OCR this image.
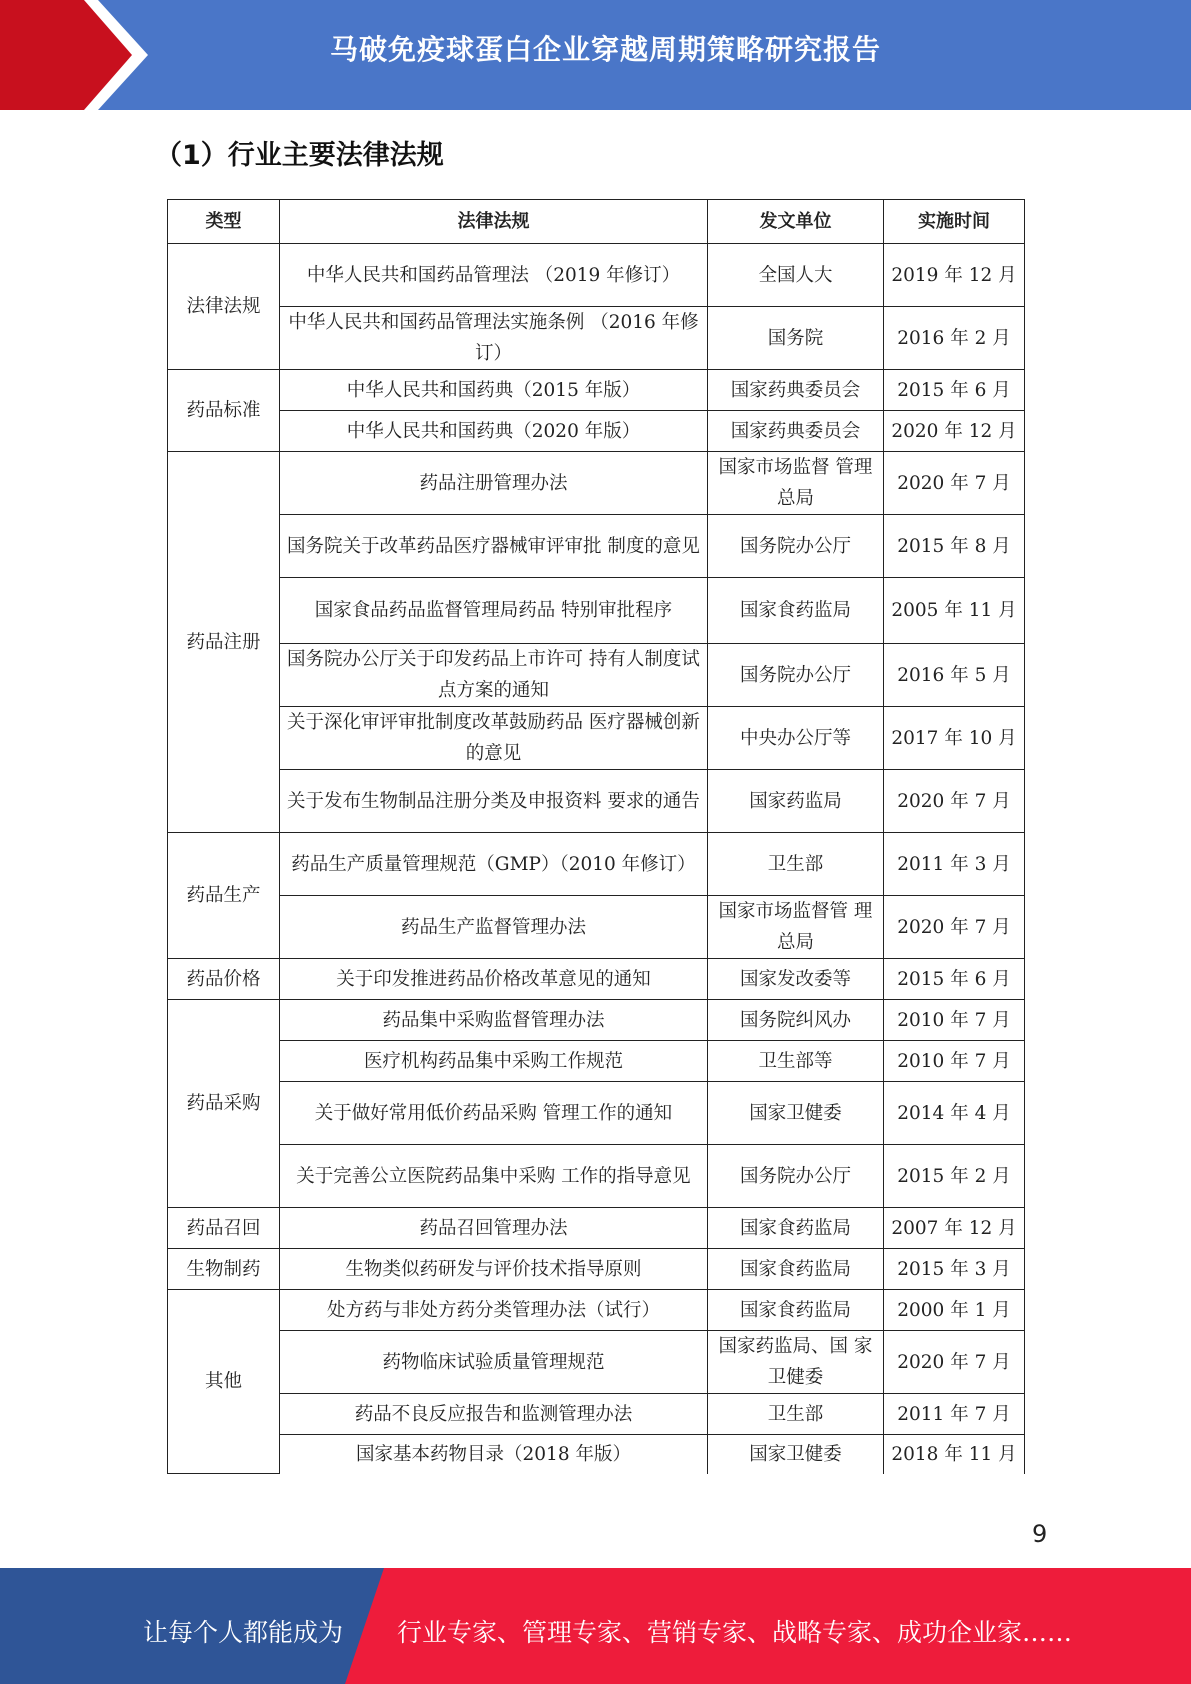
马破免疫球蛋白企业穿越周期策略研究报告
（1）行业主要法律法规
类型	法律法规	发文单位	实施时间
法律法规	中华人民共和国药品管理法 （2019 年修订）	全国人大	2019 年 12 月
	中华人民共和国药品管理法实施条例 （2016 年修订）	国务院	2016 年 2 月
药品标准	中华人民共和国药典（2015 年版）	国家药典委员会	2015 年 6 月
	中华人民共和国药典（2020 年版）	国家药典委员会	2020 年 12 月
药品注册	药品注册管理办法	国家市场监督 管理总局	2020 年 7 月
	国务院关于改革药品医疗器械审评审批 制度的意见	国务院办公厅	2015 年 8 月
	国家食品药品监督管理局药品 特别审批程序	国家食药监局	2005 年 11 月
	国务院办公厅关于印发药品上市许可 持有人制度试点方案的通知	国务院办公厅	2016 年 5 月
	关于深化审评审批制度改革鼓励药品 医疗器械创新的意见	中央办公厅等	2017 年 10 月
	关于发布生物制品注册分类及申报资料 要求的通告	国家药监局	2020 年 7 月
药品生产	药品生产质量管理规范（GMP）（2010 年修订）	卫生部	2011 年 3 月
	药品生产监督管理办法	国家市场监督管 理总局	2020 年 7 月
药品价格	关于印发推进药品价格改革意见的通知	国家发改委等	2015 年 6 月
药品采购	药品集中采购监督管理办法	国务院纠风办	2010 年 7 月
	医疗机构药品集中采购工作规范	卫生部等	2010 年 7 月
	关于做好常用低价药品采购 管理工作的通知	国家卫健委	2014 年 4 月
	关于完善公立医院药品集中采购 工作的指导意见	国务院办公厅	2015 年 2 月
药品召回	药品召回管理办法	国家食药监局	2007 年 12 月
生物制药	生物类似药研发与评价技术指导原则	国家食药监局	2015 年 3 月
其他	处方药与非处方药分类管理办法（试行）	国家食药监局	2000 年 1 月
	药物临床试验质量管理规范	国家药监局、国 家卫健委	2020 年 7 月
	药品不良反应报告和监测管理办法	卫生部	2011 年 7 月
	国家基本药物目录（2018 年版）	国家卫健委	2018 年 11 月
9
让每个人都能成为 行业专家、管理专家、营销专家、战略专家、成功企业家……
